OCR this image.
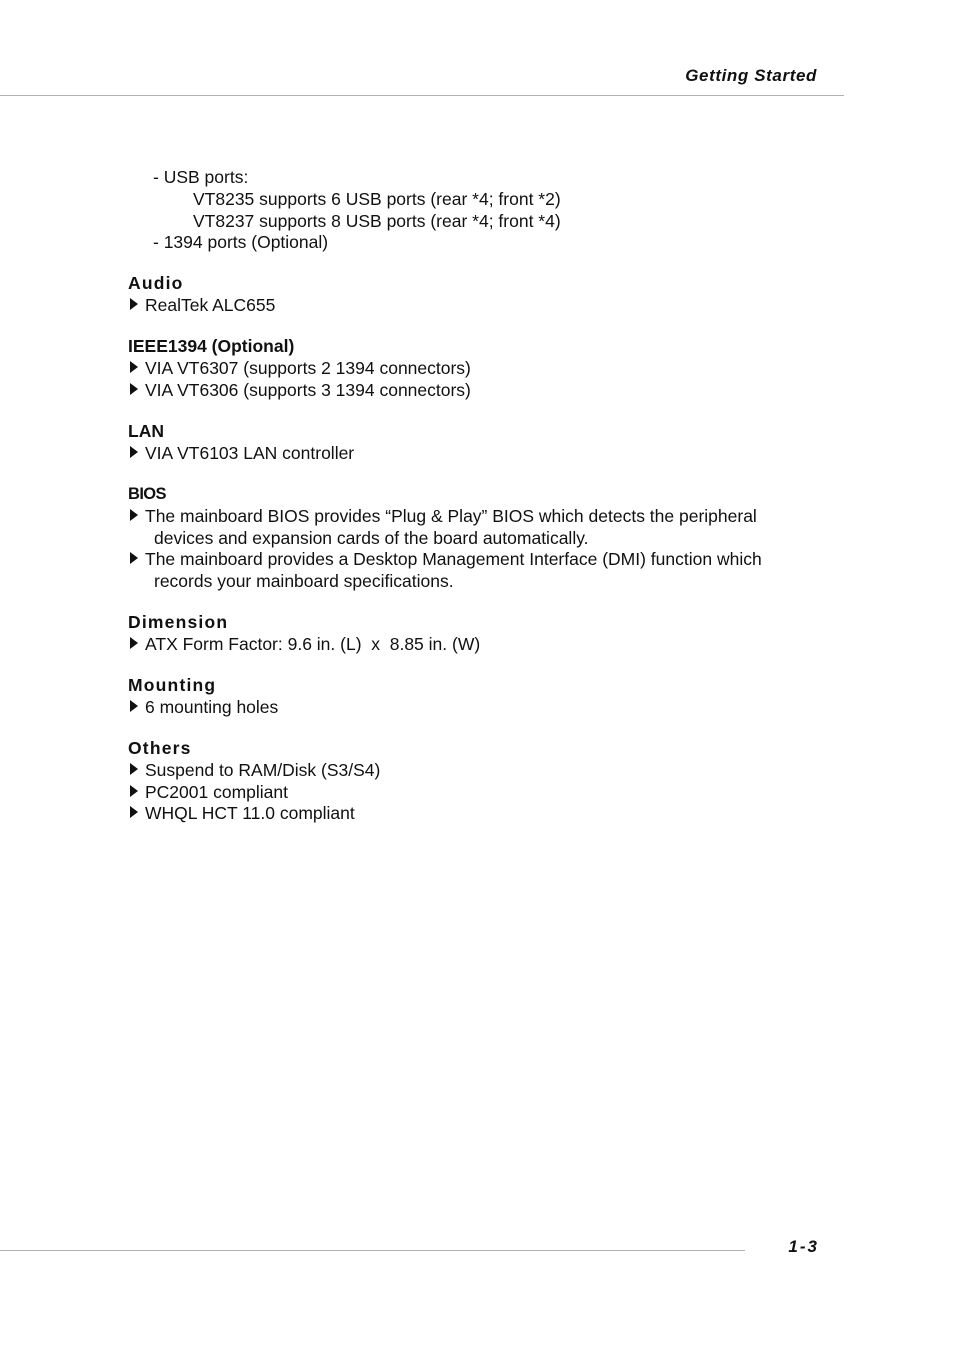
Getting Started
- USB ports:
VT8235 supports 6 USB ports (rear *4; front *2)
VT8237 supports 8 USB ports (rear *4; front *4)
- 1394 ports (Optional)
Audio
RealTek ALC655
IEEE1394 (Optional)
VIA VT6307 (supports 2 1394 connectors)
VIA VT6306 (supports 3 1394 connectors)
LAN
VIA VT6103 LAN controller
BIOS
The mainboard BIOS provides “Plug & Play” BIOS which detects the peripheral
devices and expansion cards of the board automatically.
The mainboard provides a Desktop Management Interface (DMI) function which
records your mainboard specifications.
Dimension
ATX Form Factor: 9.6 in. (L)  x  8.85 in. (W)
Mounting
6 mounting holes
Others
Suspend to RAM/Disk (S3/S4)
PC2001 compliant
WHQL HCT 11.0 compliant
1-3
